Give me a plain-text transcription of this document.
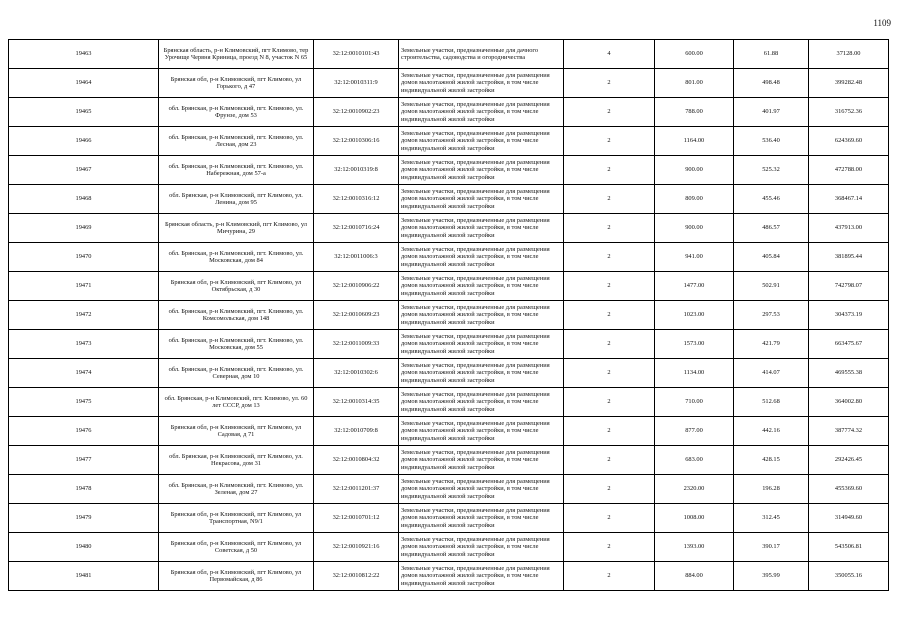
1109
19463	Брянская область, р-н Климовский, пгт Климово, тер Урочище Червня Криница, проезд N 8, участок N 65	32:12:0010101:43	Земельные участки, предназначенные для дачного строительства, садоводства и огородничества	4	600.00	61.88	37128.00
19464	Брянская обл, р-н Климовский, пгт Климово, ул Горького, д 47	32:12:0010311:9	Земельные участки, предназначенные для размещения домов малоэтажной жилой застройки, в том числе индивидуальной жилой застройки	2	801.00	498.48	399282.48
19465	обл. Брянская, р-н Климовский, пгт. Климово, ул. Фрунзе, дом 53	32:12:0010902:23	Земельные участки, предназначенные для размещения домов малоэтажной жилой застройки, в том числе индивидуальной жилой застройки	2	788.00	401.97	316752.36
19466	обл. Брянская, р-н Климовский, пгт. Климово, ул. Лесная, дом 23	32:12:0010306:16	Земельные участки, предназначенные для размещения домов малоэтажной жилой застройки, в том числе индивидуальной жилой застройки	2	1164.00	536.40	624369.60
19467	обл. Брянская, р-н Климовский, пгт. Климово, ул. Набережная, дом 57-а	32:12:0010319:8	Земельные участки, предназначенные для размещения домов малоэтажной жилой застройки, в том числе индивидуальной жилой застройки	2	900.00	525.32	472788.00
19468	обл. Брянская, р-н Климовский, пгт Климово, ул. Ленина, дом 95	32:12:0010316:12	Земельные участки, предназначенные для размещения домов малоэтажной жилой застройки, в том числе индивидуальной жилой застройки	2	809.00	455.46	368467.14
19469	Брянская область, р-н Климовский, пгт Климово, ул Мичурина, 29	32:12:0010716:24	Земельные участки, предназначенные для размещения домов малоэтажной жилой застройки, в том числе индивидуальной жилой застройки	2	900.00	486.57	437913.00
19470	обл. Брянская, р-н Климовский, пгт. Климово, ул. Московская, дом 84	32:12:0011006:3	Земельные участки, предназначенные для размещения домов малоэтажной жилой застройки, в том числе индивидуальной жилой застройки	2	941.00	405.84	381895.44
19471	Брянская обл, р-н Климовский, пгт Климово, ул Октябрьская, д 30	32:12:0010906:22	Земельные участки, предназначенные для размещения домов малоэтажной жилой застройки, в том числе индивидуальной жилой застройки	2	1477.00	502.91	742798.07
19472	обл. Брянская, р-н Климовский, пгт. Климово, ул. Комсомольская, дом 148	32:12:0010609:23	Земельные участки, предназначенные для размещения домов малоэтажной жилой застройки, в том числе индивидуальной жилой застройки	2	1023.00	297.53	304373.19
19473	обл. Брянская, р-н Климовский, пгт. Климово, ул. Московская, дом 55	32:12:0011009:33	Земельные участки, предназначенные для размещения домов малоэтажной жилой застройки, в том числе индивидуальной жилой застройки	2	1573.00	421.79	663475.67
19474	обл. Брянская, р-н Климовский, пгт. Климово, ул. Северная, дом 10	32:12:0010302:6	Земельные участки, предназначенные для размещения домов малоэтажной жилой застройки, в том числе индивидуальной жилой застройки	2	1134.00	414.07	469555.38
19475	обл. Брянская, р-н Климовский, пгт. Климово, ул. 60 лет СССР, дом 13	32:12:0010314:35	Земельные участки, предназначенные для размещения домов малоэтажной жилой застройки, в том числе индивидуальной жилой застройки	2	710.00	512.68	364002.80
19476	Брянская обл, р-н Климовский, пгт Климово, ул Садовая, д 71	32:12:0010709:8	Земельные участки, предназначенные для размещения домов малоэтажной жилой застройки, в том числе индивидуальной жилой застройки	2	877.00	442.16	387774.32
19477	обл. Брянская, р-н Климовский, пгт Климово, ул. Некрасова, дом 31	32:12:0010804:32	Земельные участки, предназначенные для размещения домов малоэтажной жилой застройки, в том числе индивидуальной жилой застройки	2	683.00	428.15	292426.45
19478	обл. Брянская, р-н Климовский, пгт. Климово, ул. Зеленая, дом 27	32:12:0011201:37	Земельные участки, предназначенные для размещения домов малоэтажной жилой застройки, в том числе индивидуальной жилой застройки	2	2320.00	196.28	455369.60
19479	Брянская обл, р-н Климовский, пгт Климово, ул Транспортная, N9/1	32:12:0010701:12	Земельные участки, предназначенные для размещения домов малоэтажной жилой застройки, в том числе индивидуальной жилой застройки	2	1008.00	312.45	314949.60
19480	Брянская обл, р-н Климовский, пгт Климово, ул Советская, д 50	32:12:0010921:16	Земельные участки, предназначенные для размещения домов малоэтажной жилой застройки, в том числе индивидуальной жилой застройки	2	1393.00	390.17	543506.81
19481	Брянская обл, р-н Климовский, пгт Климово, ул Первомайская, д 86	32:12:0010812:22	Земельные участки, предназначенные для размещения домов малоэтажной жилой застройки, в том числе индивидуальной жилой застройки	2	884.00	395.99	350055.16
